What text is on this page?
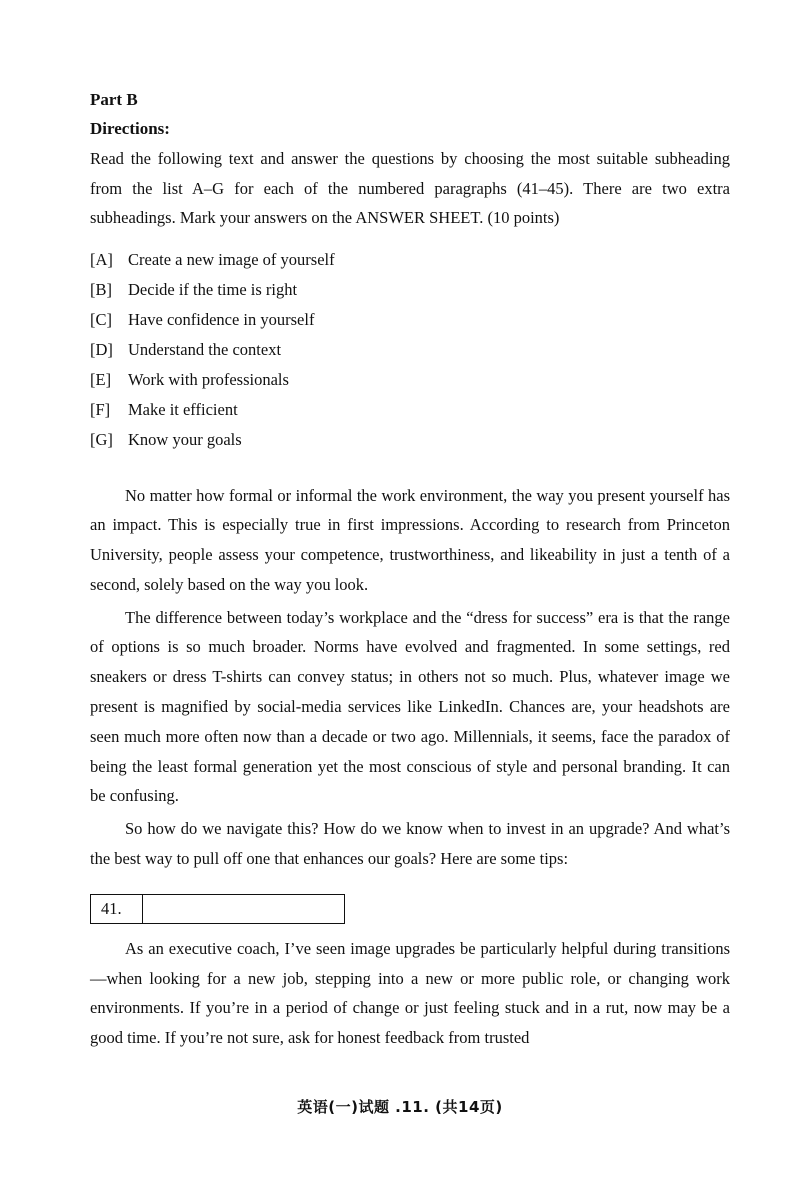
Part B

Directions:

Read the following text and answer the questions by choosing the most suitable subheading from the list A–G for each of the numbered paragraphs (41–45). There are two extra subheadings. Mark your answers on the ANSWER SHEET. (10 points)

[A] Create a new image of yourself
[B] Decide if the time is right
[C] Have confidence in yourself
[D] Understand the context
[E]	Work with professionals
[F]	Make it efficient
[G] Know your goals

No matter how formal or informal the work environment, the way you present yourself has an impact. This is especially true in first impressions. According to research from Princeton University, people assess your competence, trustworthiness, and likeability in just a tenth of a second, solely based on the way you look.

The difference between today’s workplace and the “dress for success” era is that the range of options is so much broader. Norms have evolved and fragmented. In some settings, red sneakers or dress T-shirts can convey status; in others not so much. Plus, whatever image we present is magnified by social-media services like LinkedIn. Chances are, your headshots are seen much more often now than a decade or two ago. Millennials, it seems, face the paradox of being the least formal generation yet the most conscious of style and personal branding. It can be confusing.

So how do we navigate this? How do we know when to invest in an upgrade? And what’s the best way to pull off one that enhances our goals? Here are some tips:

41.

As an executive coach, I’ve seen image upgrades be particularly helpful during transitions—when looking for a new job, stepping into a new or more public role, or changing work environments. If you’re in a period of change or just feeling stuck and in a rut, now may be a good time. If you’re not sure, ask for honest feedback from trusted

英语(一)试题 .11. (共14页)
